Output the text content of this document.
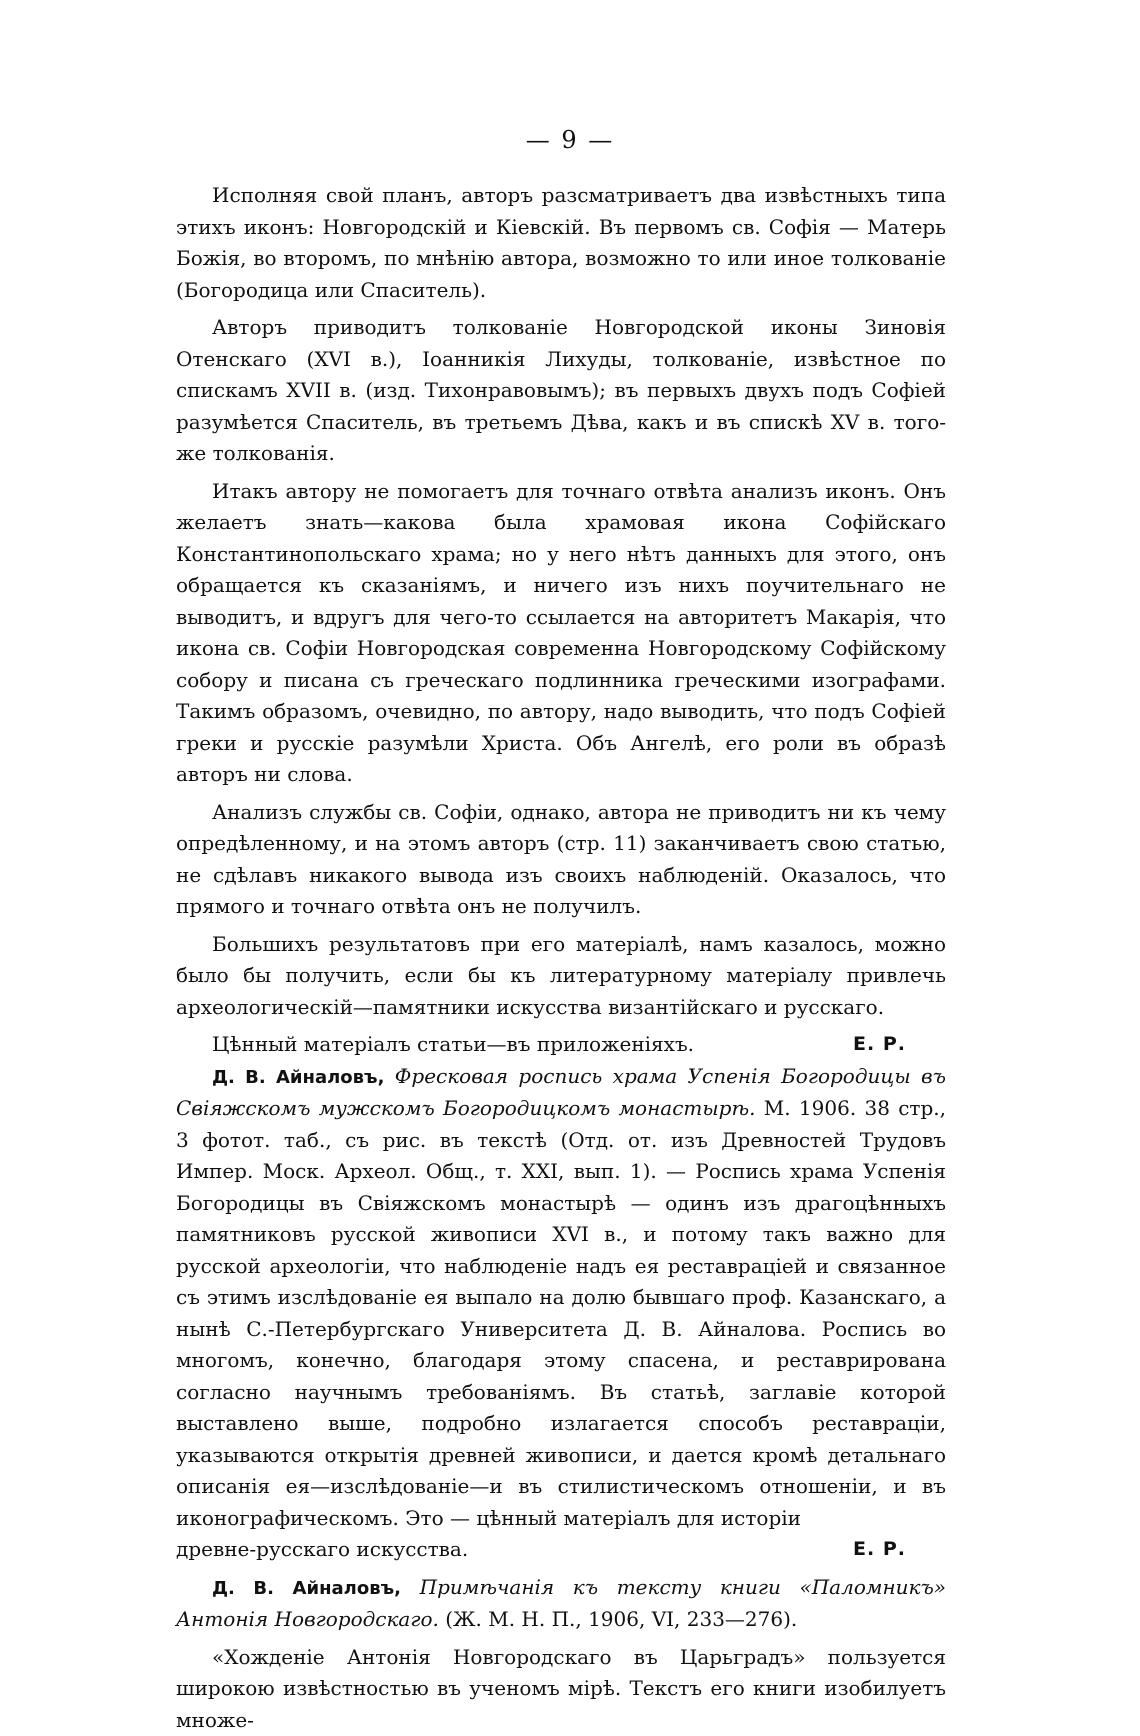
— 9 —

Исполняя свой планъ, авторъ разсматриваетъ два извѣстныхъ типа этихъ иконъ: Новгородскій и Кіевскій. Въ первомъ св. Софія — Матерь Божія, во второмъ, по мнѣнію автора, возможно то или иное толкованіе (Богородица или Спаситель).

Авторъ приводитъ толкованіе Новгородской иконы Зиновія Отенскаго (XVI в.), Іоанникія Лихуды, толкованіе, извѣстное по спискамъ XVII в. (изд. Тихонравовымъ); въ первыхъ двухъ подъ Софіей разумѣется Спаситель, въ третьемъ Дѣва, какъ и въ спискѣ XV в. того-же толкованія.

Итакъ автору не помогаетъ для точнаго отвѣта анализъ иконъ. Онъ желаетъ знать—какова была храмовая икона Софійскаго Константинопольскаго храма; но у него нѣтъ данныхъ для этого, онъ обращается къ сказаніямъ, и ничего изъ нихъ поучительнаго не выводитъ, и вдругъ для чего-то ссылается на авторитетъ Макарія, что икона св. Софіи Новгородская современна Новгородскому Софійскому собору и писана съ греческаго подлинника греческими изографами. Такимъ образомъ, очевидно, по автору, надо выводить, что подъ Софіей греки и русскіе разумѣли Христа. Объ Ангелѣ, его роли въ образѣ авторъ ни слова.

Анализъ службы св. Софіи, однако, автора не приводитъ ни къ чему опредѣленному, и на этомъ авторъ (стр. 11) заканчиваетъ свою статью, не сдѣлавъ никакого вывода изъ своихъ наблюденій. Оказалось, что прямого и точнаго отвѣта онъ не получилъ.

Большихъ результатовъ при его матеріалѣ, намъ казалось, можно было бы получить, если бы къ литературному матеріалу привлечь археологическій—памятники искусства византійскаго и русскаго.

Цѣнный матеріалъ статьи—въ приложеніяхъ.	Е. Р.

Д. В. Айналовъ, Фресковая роспись храма Успенія Богородицы въ Свіяжскомъ мужскомъ Богородицкомъ монастырѣ. М. 1906. 38 стр., 3 фотот. таб., съ рис. въ текстѣ (Отд. от. изъ Древностей Трудовъ Импер. Моск. Археол. Общ., т. XXI, вып. 1). — Роспись храма Успенія Богородицы въ Свіяжскомъ монастырѣ — одинъ изъ драгоцѣнныхъ памятниковъ русской живописи XVI в., и потому такъ важно для русской археологіи, что наблюденіе надъ ея реставраціей и связанное съ этимъ изслѣдованіе ея выпало на долю бывшаго проф. Казанскаго, а нынѣ С.-Петербургскаго Университета Д. В. Айналова. Роспись во многомъ, конечно, благодаря этому спасена, и реставрирована согласно научнымъ требованіямъ. Въ статьѣ, заглавіе которой выставлено выше, подробно излагается способъ реставраціи, указываются открытія древней живописи, и дается кромѣ детальнаго описанія ея—изслѣдованіе—и въ стилистическомъ отношеніи, и въ иконографическомъ. Это — цѣнный матеріалъ для исторіи

древне-русскаго искусства.	Е. Р.

Д. В. Айналовъ, Примѣчанія къ тексту книги «Паломникъ» Антонія Новгородскаго. (Ж. М. Н. П., 1906, VI, 233—276).

«Хожденіе Антонія Новгородскаго въ Царьградъ» пользуется широкою извѣстностью въ ученомъ мірѣ. Текстъ его книги изобилуетъ множе-
